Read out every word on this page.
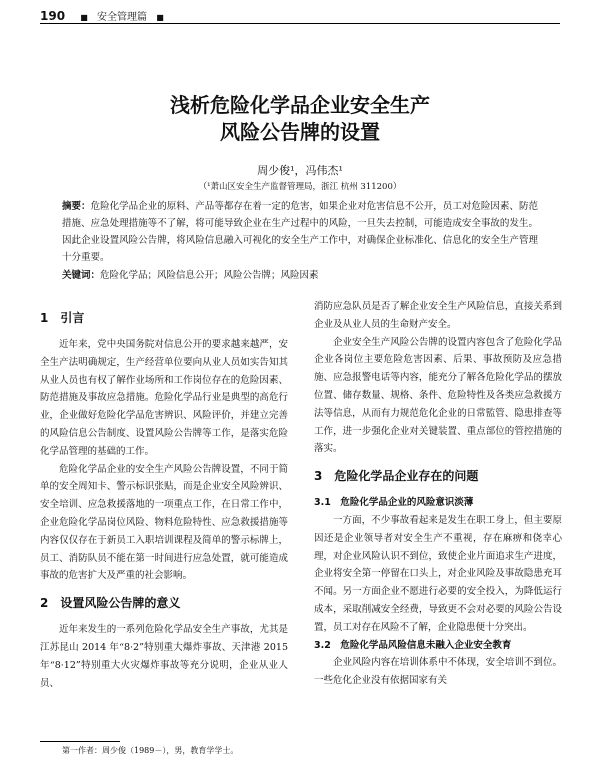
190 ■ 安全管理篇 ■
浅析危险化学品企业安全生产
风险公告牌的设置
周少俊¹，冯伟杰¹
（¹萧山区安全生产监督管理局，浙江 杭州 311200）
摘要：危险化学品企业的原料、产品等都存在着一定的危害，如果企业对危害信息不公开，员工对危险因素、防范措施、应急处理措施等不了解，将可能导致企业在生产过程中的风险，一旦失去控制，可能造成安全事故的发生。因此企业设置风险公告牌，将风险信息融入可视化的安全生产工作中，对确保企业标准化、信息化的安全生产管理十分重要。
关键词：危险化学品；风险信息公开；风险公告牌；风险因素
1　引言

近年来，党中央国务院对信息公开的要求越来越严，安全生产法明确规定，生产经营单位要向从业人员如实告知其从业人员也有权了解作业场所和工作岗位存在的危险因素、防范措施及事故应急措施。危险化学品行业是典型的高危行业，企业做好危险化学品危害辨识、风险评价，并建立完善的风险信息公告制度、设置风险公告牌等工作，是落实危险化学品管理的基础的工作。

危险化学品企业的安全生产风险公告牌设置，不同于简单的安全周知卡、警示标识张贴，而是企业安全风险辨识、安全培训、应急救援落地的一项重点工作，在日常工作中，企业危险化学品岗位风险、物料危险特性、应急救援措施等内容仅仅存在于新员工入职培训课程及简单的警示标牌上，员工、消防队员不能在第一时间进行应急处置，就可能造成事故的危害扩大及严重的社会影响。

2　设置风险公告牌的意义

近年来发生的一系列危险化学品安全生产事故，尤其是江苏昆山 2014 年“8·2”特别重大爆炸事故、天津港 2015 年“8·12”特别重大火灾爆炸事故等充分说明，企业从业人员、

消防应急队员是否了解企业安全生产风险信息，直接关系到企业及从业人员的生命财产安全。

企业安全生产风险公告牌的设置内容包含了危险化学品企业各岗位主要危险危害因素、后果、事故预防及应急措施、应急报警电话等内容，能充分了解各危险化学品的摆放位置、储存数量、规格、条件、危险特性及各类应急救援方法等信息，从而有力规范危化企业的日常監管、隐患排查等工作，进一步强化企业对关键装置、重点部位的管控措施的落实。

3　危险化学品企业存在的问题
3.1　危险化学品企业的风险意识淡薄

一方面，不少事故看起来是发生在职工身上，但主要原因还是企业领导者对安全生产不重视，存在麻痹和侥幸心理，对企业风险认识不到位，致使企业片面追求生产进度，企业将安全第一停留在口头上，对企业风险及事故隐患充耳不闻。另一方面企业不愿进行必要的安全投入，为降低运行成本，采取削减安全经费，导致更不会对必要的风险公告设置，员工对存在风险不了解，企业隐患便十分突出。

3.2　危险化学品风险信息未融入企业安全教育

企业风险内容在培训体系中不体现，安全培训不到位。一些危化企业没有依据国家有关

第一作者：周少俊（1989－），男，教育学学士。
